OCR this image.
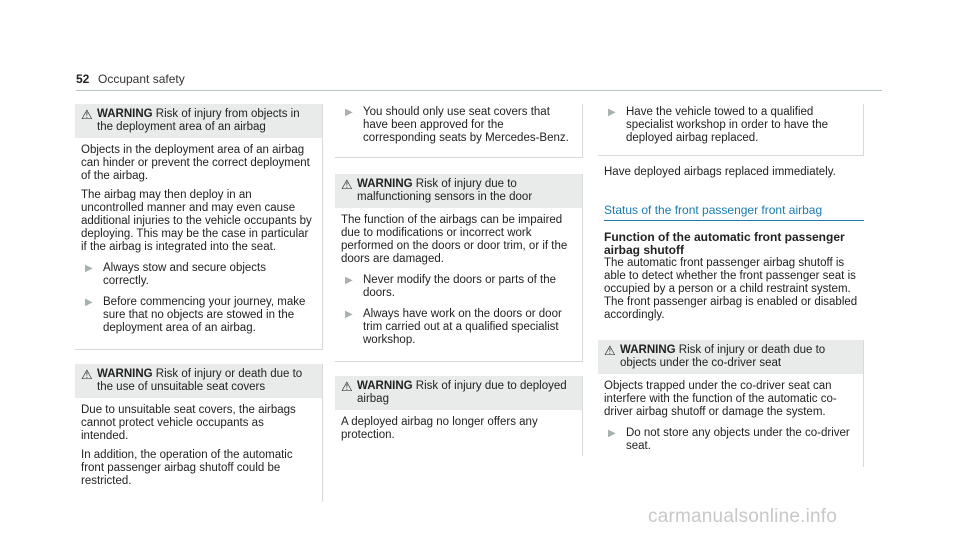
52 Occupant safety
⚠ WARNING Risk of injury from objects in the deployment area of an airbag

Objects in the deployment area of an airbag can hinder or prevent the correct deployment of the airbag.

The airbag may then deploy in an uncontrolled manner and may even cause additional injuries to the vehicle occupants by deploying. This may be the case in particular if the airbag is integrated into the seat.

▶ Always stow and secure objects correctly.
▶ Before commencing your journey, make sure that no objects are stowed in the deployment area of an airbag.
⚠ WARNING Risk of injury or death due to the use of unsuitable seat covers

Due to unsuitable seat covers, the airbags cannot protect vehicle occupants as intended.

In addition, the operation of the automatic front passenger airbag shutoff could be restricted.

▶ You should only use seat covers that have been approved for the corresponding seats by Mercedes-Benz.
⚠ WARNING Risk of injury due to malfunctioning sensors in the door

The function of the airbags can be impaired due to modifications or incorrect work performed on the doors or door trim, or if the doors are damaged.

▶ Never modify the doors or parts of the doors.
▶ Always have work on the doors or door trim carried out at a qualified specialist workshop.
⚠ WARNING Risk of injury due to deployed airbag

A deployed airbag no longer offers any protection.

▶ Have the vehicle towed to a qualified specialist workshop in order to have the deployed airbag replaced.

Have deployed airbags replaced immediately.

Status of the front passenger front airbag

Function of the automatic front passenger airbag shutoff

The automatic front passenger airbag shutoff is able to detect whether the front passenger seat is occupied by a person or a child restraint system. The front passenger airbag is enabled or disabled accordingly.

⚠ WARNING Risk of injury or death due to objects under the co-driver seat

Objects trapped under the co-driver seat can interfere with the function of the automatic co-driver airbag shutoff or damage the system.

▶ Do not store any objects under the co-driver seat.
carmanualsonline.info
